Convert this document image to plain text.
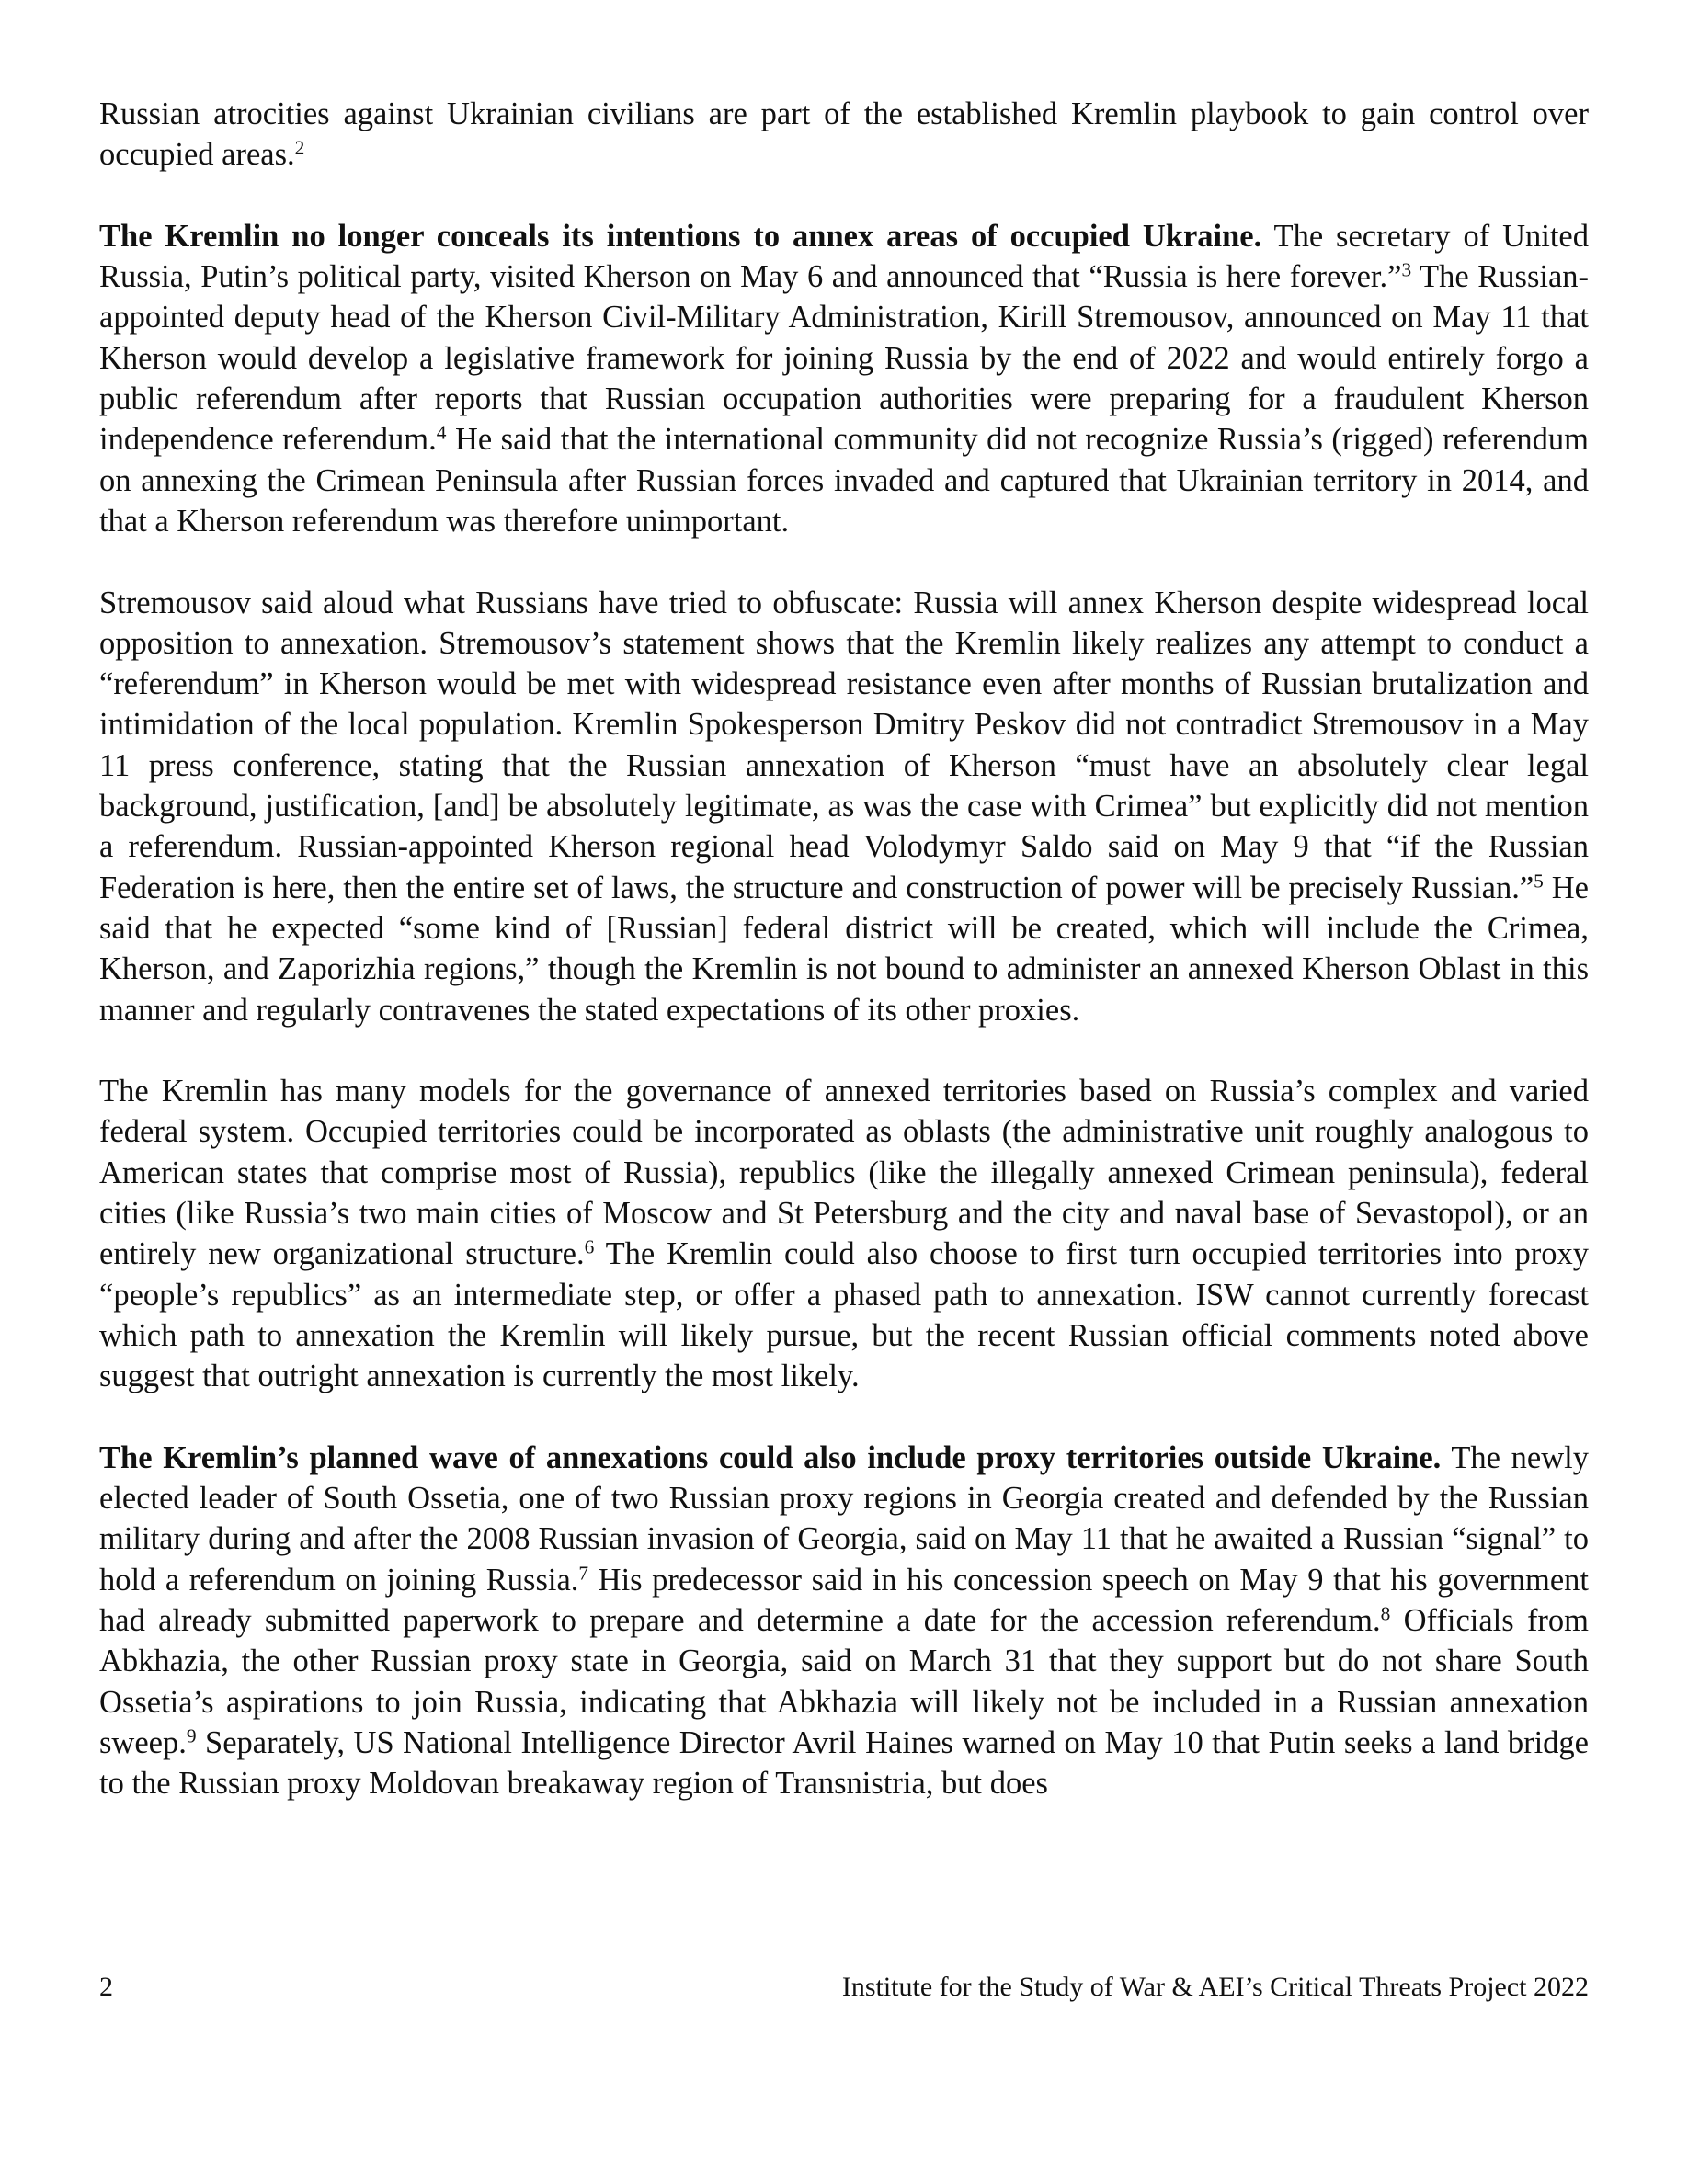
Russian atrocities against Ukrainian civilians are part of the established Kremlin playbook to gain control over occupied areas.$^2$

The Kremlin no longer conceals its intentions to annex areas of occupied Ukraine. The secretary of United Russia, Putin’s political party, visited Kherson on May 6 and announced that “Russia is here forever.”$^3$ The Russian-appointed deputy head of the Kherson Civil-Military Administration, Kirill Stremousov, announced on May 11 that Kherson would develop a legislative framework for joining Russia by the end of 2022 and would entirely forgo a public referendum after reports that Russian occupation authorities were preparing for a fraudulent Kherson independence referendum.$^4$ He said that the international community did not recognize Russia’s (rigged) referendum on annexing the Crimean Peninsula after Russian forces invaded and captured that Ukrainian territory in 2014, and that a Kherson referendum was therefore unimportant.

Stremousov said aloud what Russians have tried to obfuscate: Russia will annex Kherson despite widespread local opposition to annexation. Stremousov’s statement shows that the Kremlin likely realizes any attempt to conduct a “referendum” in Kherson would be met with widespread resistance even after months of Russian brutalization and intimidation of the local population. Kremlin Spokesperson Dmitry Peskov did not contradict Stremousov in a May 11 press conference, stating that the Russian annexation of Kherson “must have an absolutely clear legal background, justification, [and] be absolutely legitimate, as was the case with Crimea” but explicitly did not mention a referendum. Russian-appointed Kherson regional head Volodymyr Saldo said on May 9 that “if the Russian Federation is here, then the entire set of laws, the structure and construction of power will be precisely Russian.”$^5$ He said that he expected “some kind of [Russian] federal district will be created, which will include the Crimea, Kherson, and Zaporizhia regions,” though the Kremlin is not bound to administer an annexed Kherson Oblast in this manner and regularly contravenes the stated expectations of its other proxies.

The Kremlin has many models for the governance of annexed territories based on Russia’s complex and varied federal system. Occupied territories could be incorporated as oblasts (the administrative unit roughly analogous to American states that comprise most of Russia), republics (like the illegally annexed Crimean peninsula), federal cities (like Russia’s two main cities of Moscow and St Petersburg and the city and naval base of Sevastopol), or an entirely new organizational structure.$^6$ The Kremlin could also choose to first turn occupied territories into proxy “people’s republics” as an intermediate step, or offer a phased path to annexation. ISW cannot currently forecast which path to annexation the Kremlin will likely pursue, but the recent Russian official comments noted above suggest that outright annexation is currently the most likely.

The Kremlin’s planned wave of annexations could also include proxy territories outside Ukraine. The newly elected leader of South Ossetia, one of two Russian proxy regions in Georgia created and defended by the Russian military during and after the 2008 Russian invasion of Georgia, said on May 11 that he awaited a Russian “signal” to hold a referendum on joining Russia.$^7$ His predecessor said in his concession speech on May 9 that his government had already submitted paperwork to prepare and determine a date for the accession referendum.$^8$ Officials from Abkhazia, the other Russian proxy state in Georgia, said on March 31 that they support but do not share South Ossetia’s aspirations to join Russia, indicating that Abkhazia will likely not be included in a Russian annexation sweep.$^9$ Separately, US National Intelligence Director Avril Haines warned on May 10 that Putin seeks a land bridge to the Russian proxy Moldovan breakaway region of Transnistria, but does

2	Institute for the Study of War & AEI’s Critical Threats Project 2022
